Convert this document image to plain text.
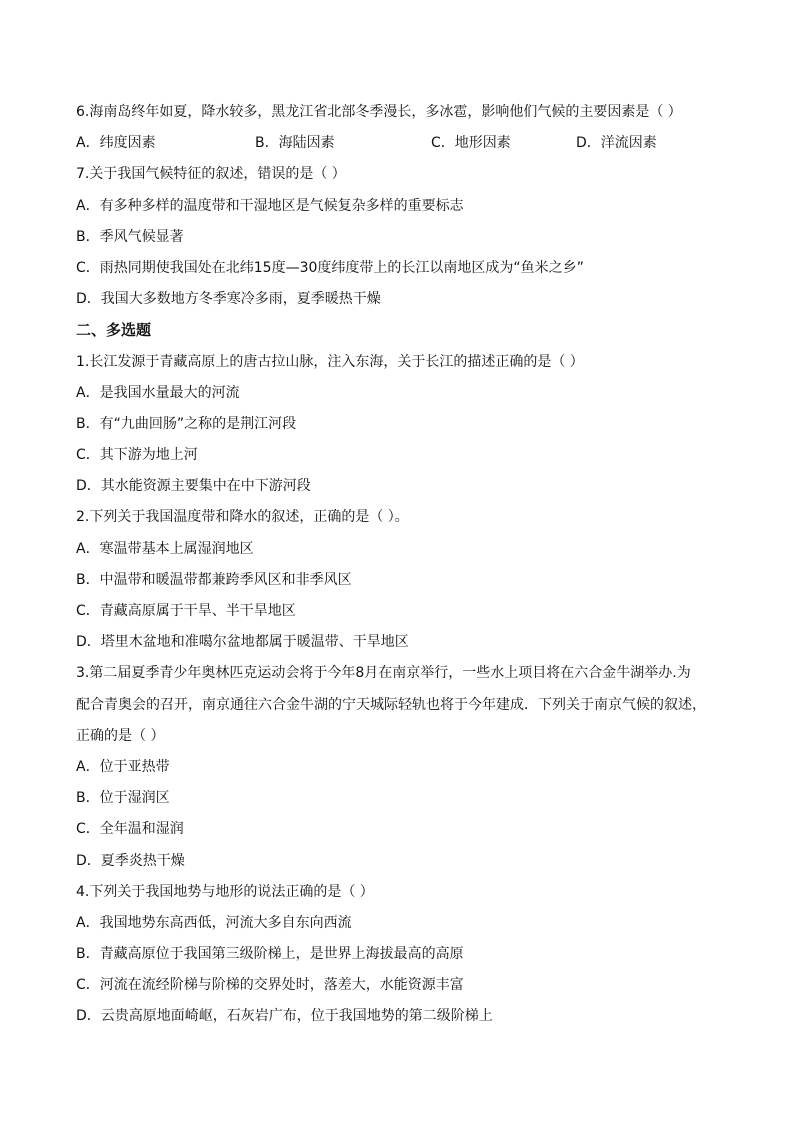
6.海南岛终年如夏，降水较多，黑龙江省北部冬季漫长，多冰雹，影响他们气候的主要因素是（ ）
A．纬度因素	B．海陆因素	C．地形因素	D．洋流因素
7.关于我国气候特征的叙述，错误的是（ ）
A．有多种多样的温度带和干湿地区是气候复杂多样的重要标志
B．季风气候显著
C．雨热同期使我国处在北纬15度—30度纬度带上的长江以南地区成为“鱼米之乡”
D．我国大多数地方冬季寒冷多雨，夏季暖热干燥
二、多选题
1.长江发源于青藏高原上的唐古拉山脉，注入东海，关于长江的描述正确的是（ ）
A．是我国水量最大的河流
B．有“九曲回肠”之称的是荆江河段
C．其下游为地上河
D．其水能资源主要集中在中下游河段
2.下列关于我国温度带和降水的叙述，正确的是（ ）。
A．寒温带基本上属湿润地区
B．中温带和暖温带都兼跨季风区和非季风区
C．青藏高原属于干旱、半干旱地区
D．塔里木盆地和准噶尔盆地都属于暖温带、干旱地区
3.第二届夏季青少年奥林匹克运动会将于今年8月在南京举行，一些水上项目将在六合金牛湖举办.为
配合青奥会的召开，南京通往六合金牛湖的宁天城际轻轨也将于今年建成．下列关于南京气候的叙述，
正确的是（ ）
A．位于亚热带
B．位于湿润区
C．全年温和湿润
D．夏季炎热干燥
4.下列关于我国地势与地形的说法正确的是（ ）
A．我国地势东高西低，河流大多自东向西流
B．青藏高原位于我国第三级阶梯上，是世界上海拔最高的高原
C．河流在流经阶梯与阶梯的交界处时，落差大，水能资源丰富
D．云贵高原地面崎岖，石灰岩广布，位于我国地势的第二级阶梯上
